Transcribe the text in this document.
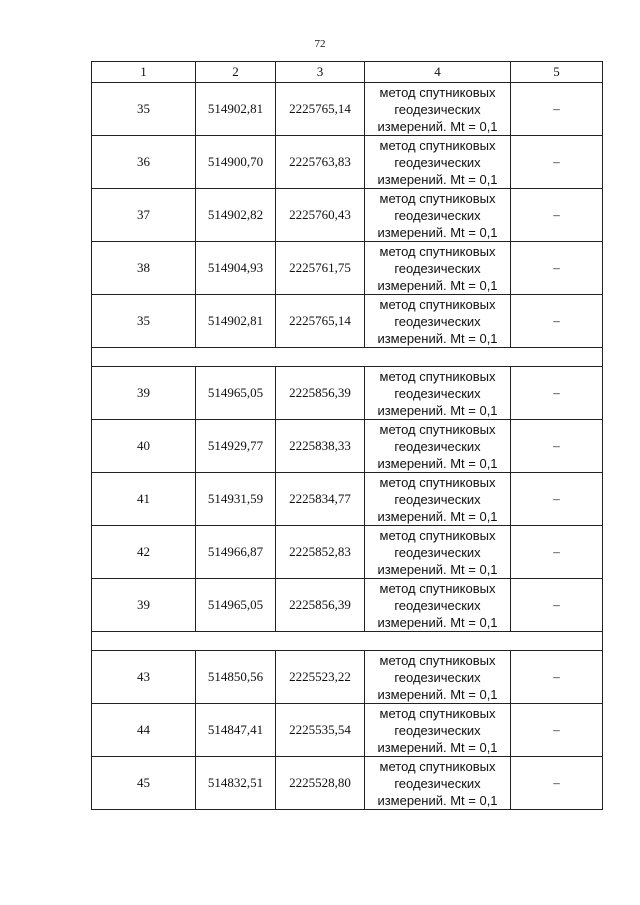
72
1	2	3	4	5
35	514902,81	2225765,14	метод спутниковых
геодезических
измерений. Mt = 0,1	–
36	514900,70	2225763,83	метод спутниковых
геодезических
измерений. Mt = 0,1	–
37	514902,82	2225760,43	метод спутниковых
геодезических
измерений. Mt = 0,1	–
38	514904,93	2225761,75	метод спутниковых
геодезических
измерений. Mt = 0,1	–
35	514902,81	2225765,14	метод спутниковых
геодезических
измерений. Mt = 0,1	–

39	514965,05	2225856,39	метод спутниковых
геодезических
измерений. Mt = 0,1	–
40	514929,77	2225838,33	метод спутниковых
геодезических
измерений. Mt = 0,1	–
41	514931,59	2225834,77	метод спутниковых
геодезических
измерений. Mt = 0,1	–
42	514966,87	2225852,83	метод спутниковых
геодезических
измерений. Mt = 0,1	–
39	514965,05	2225856,39	метод спутниковых
геодезических
измерений. Mt = 0,1	–

43	514850,56	2225523,22	метод спутниковых
геодезических
измерений. Mt = 0,1	–
44	514847,41	2225535,54	метод спутниковых
геодезических
измерений. Mt = 0,1	–
45	514832,51	2225528,80	метод спутниковых
геодезических
измерений. Mt = 0,1	–
